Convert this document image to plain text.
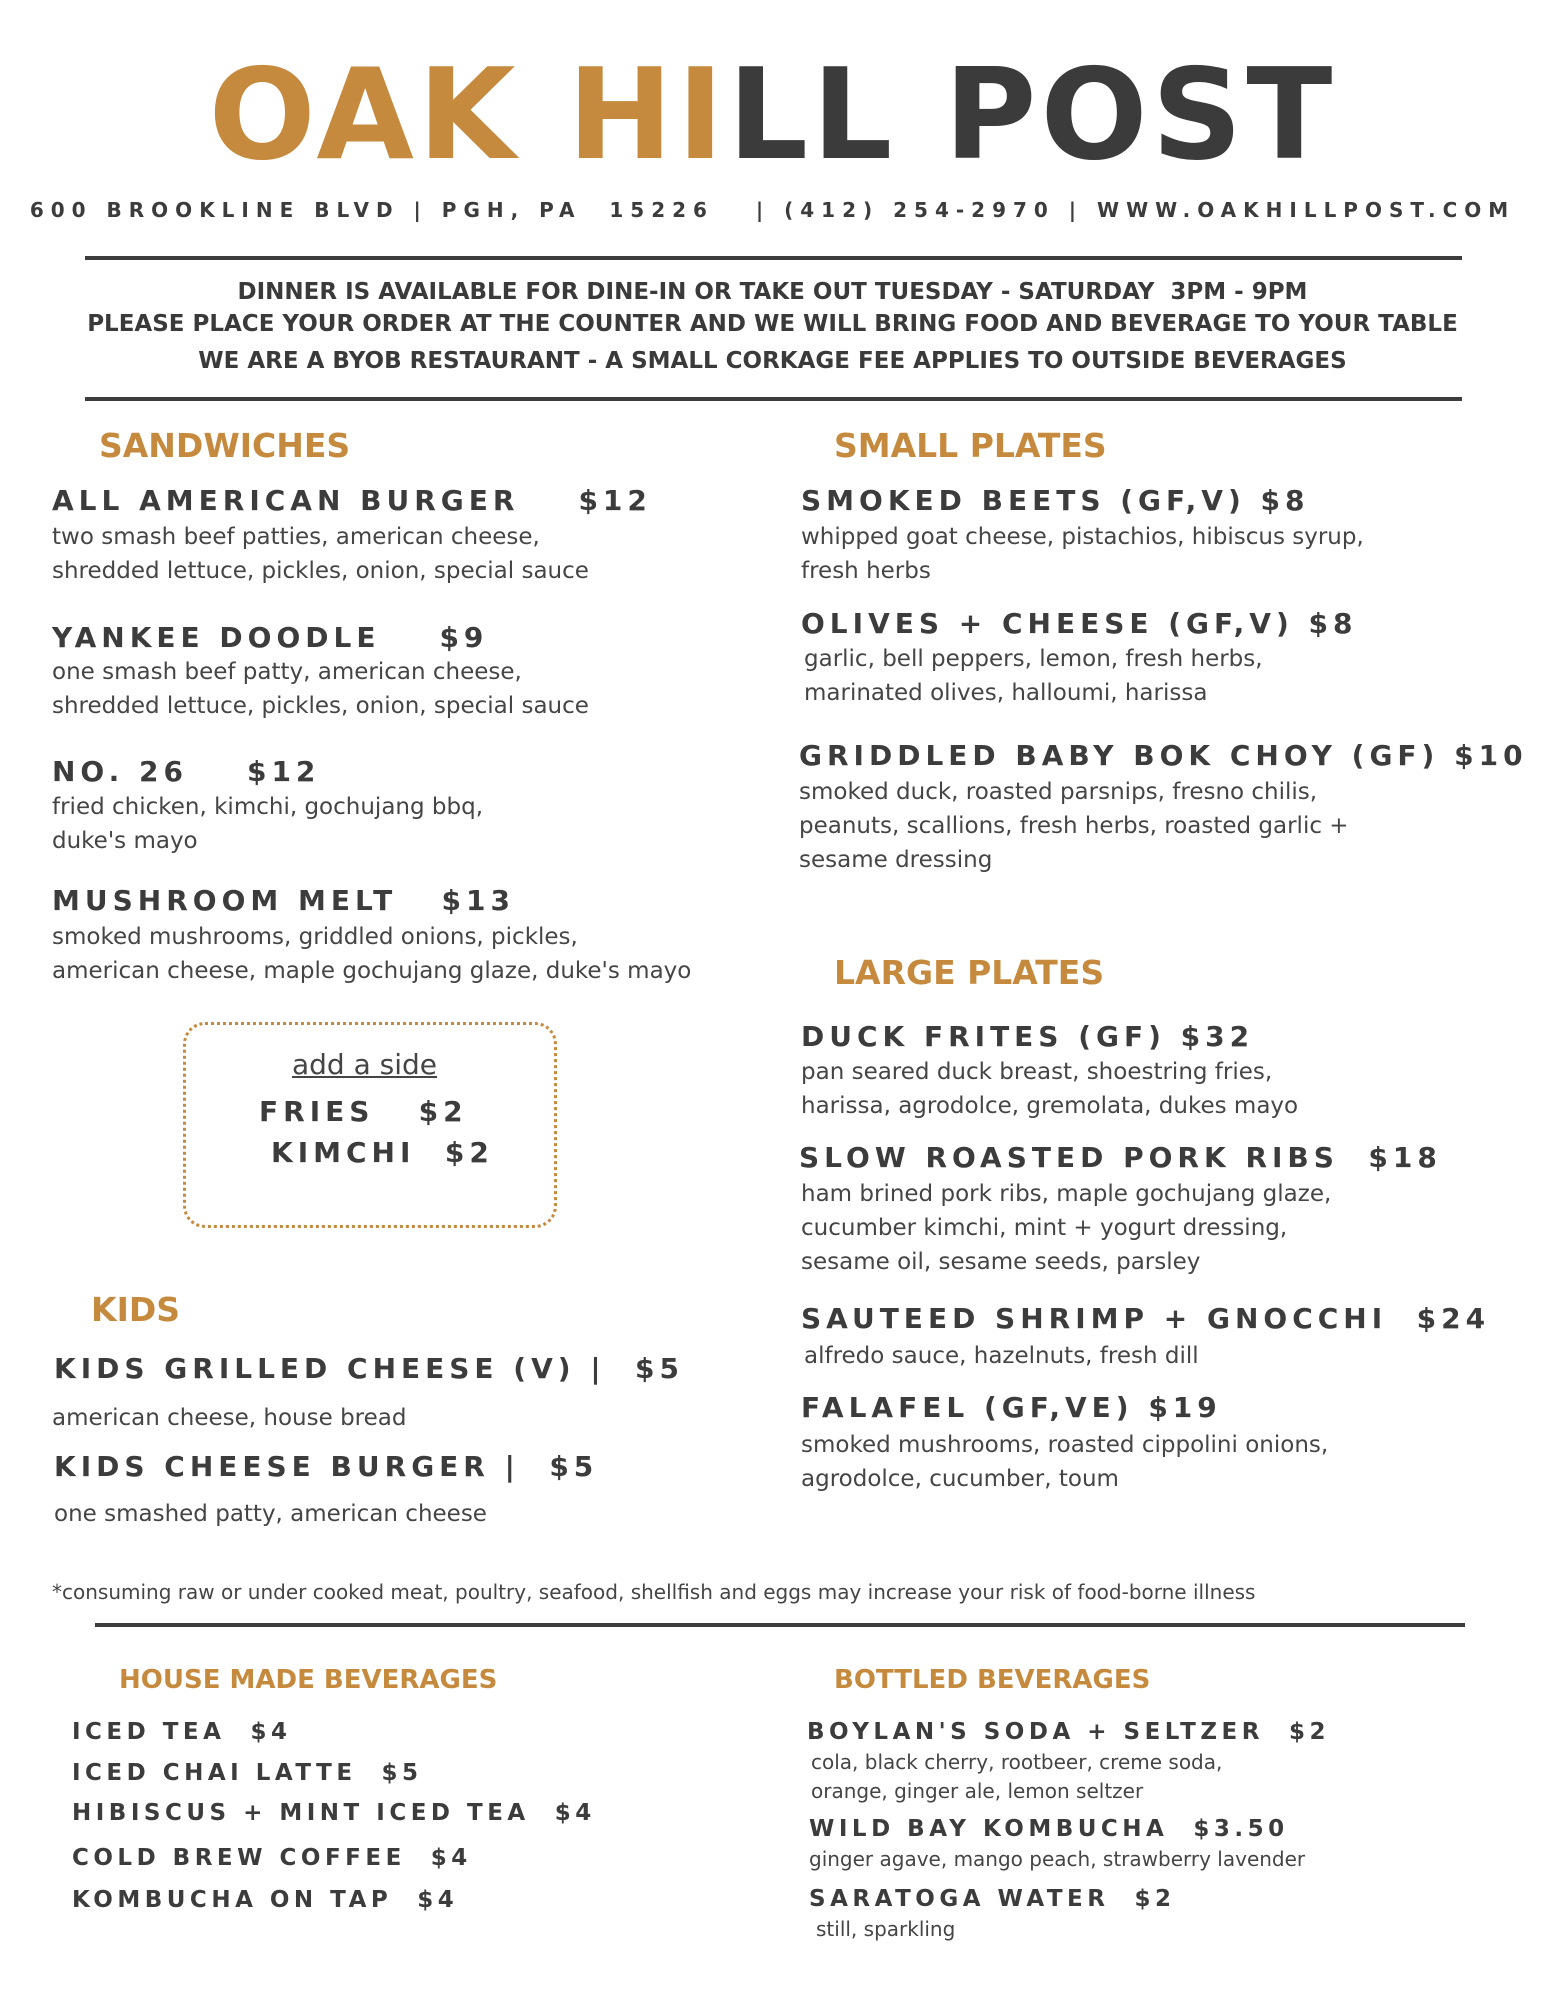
OAK HILL POST
600 BROOKLINE BLVD | PGH, PA  15226   | (412) 254-2970 | WWW.OAKHILLPOST.COM
DINNER IS AVAILABLE FOR DINE-IN OR TAKE OUT TUESDAY - SATURDAY  3PM - 9PM
PLEASE PLACE YOUR ORDER AT THE COUNTER AND WE WILL BRING FOOD AND BEVERAGE TO YOUR TABLE
WE ARE A BYOB RESTAURANT - A SMALL CORKAGE FEE APPLIES TO OUTSIDE BEVERAGES
SANDWICHES
ALL AMERICAN BURGER    $12
two smash beef patties, american cheese,
shredded lettuce, pickles, onion, special sauce
YANKEE DOODLE    $9
one smash beef patty, american cheese,
shredded lettuce, pickles, onion, special sauce
NO. 26    $12
fried chicken, kimchi, gochujang bbq,
duke's mayo
MUSHROOM MELT   $13
smoked mushrooms, griddled onions, pickles,
american cheese, maple gochujang glaze, duke's mayo
add a side
FRIES   $2
KIMCHI  $2
KIDS
KIDS GRILLED CHEESE (V) |  $5
american cheese, house bread
KIDS CHEESE BURGER |  $5
one smashed patty, american cheese
SMALL PLATES
SMOKED BEETS (GF,V) $8
whipped goat cheese, pistachios, hibiscus syrup,
fresh herbs
OLIVES + CHEESE (GF,V) $8
garlic, bell peppers, lemon, fresh herbs,
marinated olives, halloumi, harissa
GRIDDLED BABY BOK CHOY (GF) $10
smoked duck, roasted parsnips, fresno chilis,
peanuts, scallions, fresh herbs, roasted garlic +
sesame dressing
LARGE PLATES
DUCK FRITES (GF) $32
pan seared duck breast, shoestring fries,
harissa, agrodolce, gremolata, dukes mayo
SLOW ROASTED PORK RIBS  $18
ham brined pork ribs, maple gochujang glaze,
cucumber kimchi, mint + yogurt dressing,
sesame oil, sesame seeds, parsley
SAUTEED SHRIMP + GNOCCHI  $24
alfredo sauce, hazelnuts, fresh dill
FALAFEL (GF,VE) $19
smoked mushrooms, roasted cippolini onions,
agrodolce, cucumber, toum
*consuming raw or under cooked meat, poultry, seafood, shellfish and eggs may increase your risk of food-borne illness
HOUSE MADE BEVERAGES
ICED TEA  $4
ICED CHAI LATTE  $5
HIBISCUS + MINT ICED TEA  $4
COLD BREW COFFEE  $4
KOMBUCHA ON TAP  $4
BOTTLED BEVERAGES
BOYLAN'S SODA + SELTZER  $2
cola, black cherry, rootbeer, creme soda,
orange, ginger ale, lemon seltzer
WILD BAY KOMBUCHA  $3.50
ginger agave, mango peach, strawberry lavender
SARATOGA WATER  $2
still, sparkling
